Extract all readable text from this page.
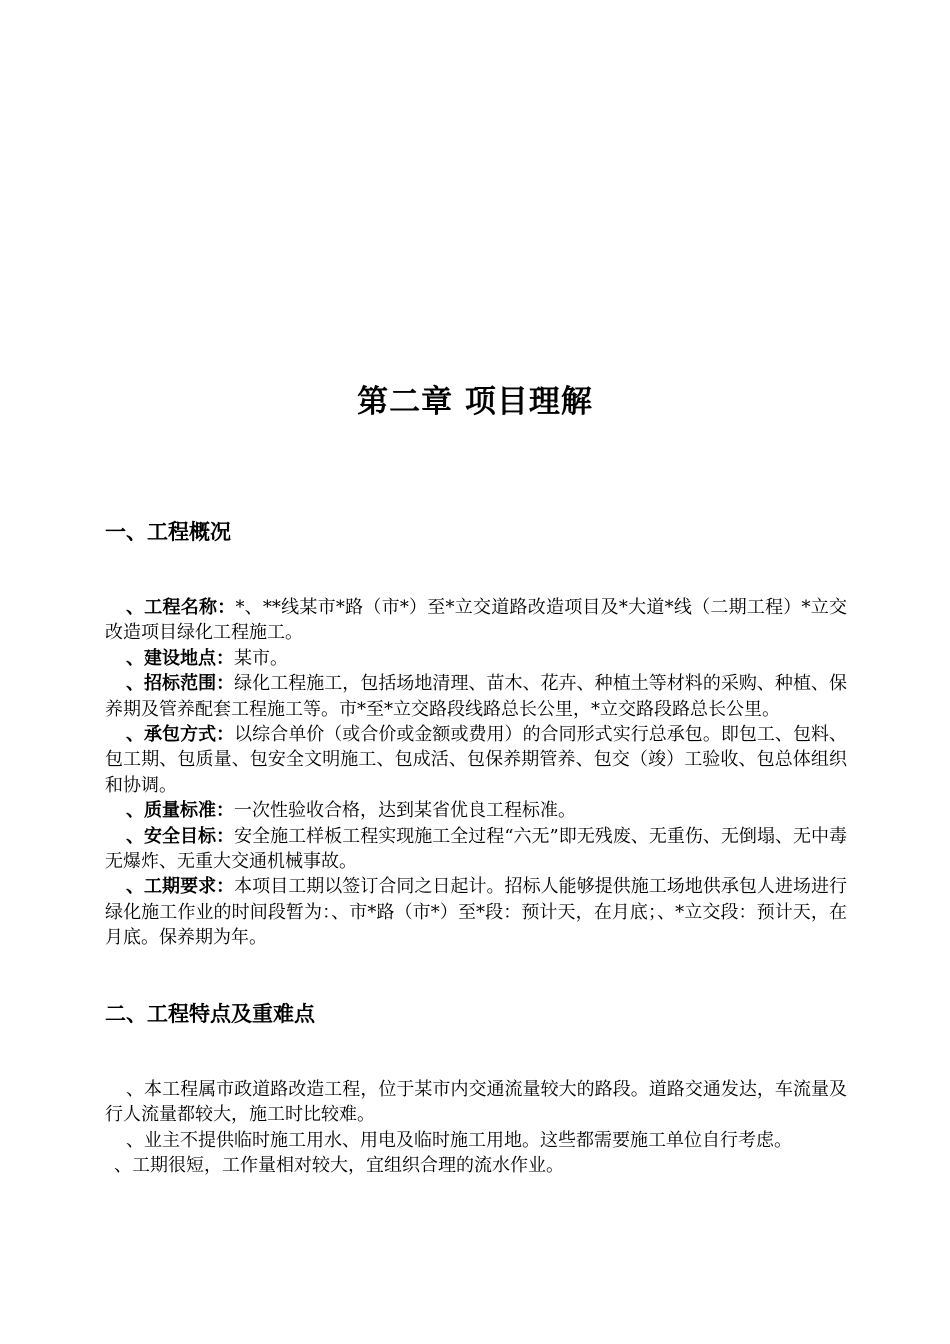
第二章 项目理解
一、工程概况

、工程名称：*、**线某市*路（市*）至*立交道路改造项目及*大道*线（二期工程）*立交改造项目绿化工程施工。

、建设地点：某市。

、招标范围：绿化工程施工，包括场地清理、苗木、花卉、种植土等材料的采购、种植、保养期及管养配套工程施工等。市*至*立交路段线路总长公里，*立交路段路总长公里。

、承包方式：以综合单价（或合价或金额或费用）的合同形式实行总承包。即包工、包料、包工期、包质量、包安全文明施工、包成活、包保养期管养、包交（竣）工验收、包总体组织和协调。

、质量标准：一次性验收合格，达到某省优良工程标准。

、安全目标：安全施工样板工程实现施工全过程“六无”即无残废、无重伤、无倒塌、无中毒无爆炸、无重大交通机械事故。

、工期要求：本项目工期以签订合同之日起计。招标人能够提供施工场地供承包人进场进行绿化施工作业的时间段暂为：、市*路（市*）至*段：预计天，在月底；、*立交段：预计天，在月底。保养期为年。

二、工程特点及重难点

、本工程属市政道路改造工程，位于某市内交通流量较大的路段。道路交通发达，车流量及行人流量都较大，施工时比较难。

、业主不提供临时施工用水、用电及临时施工用地。这些都需要施工单位自行考虑。

、工期很短，工作量相对较大，宜组织合理的流水作业。
